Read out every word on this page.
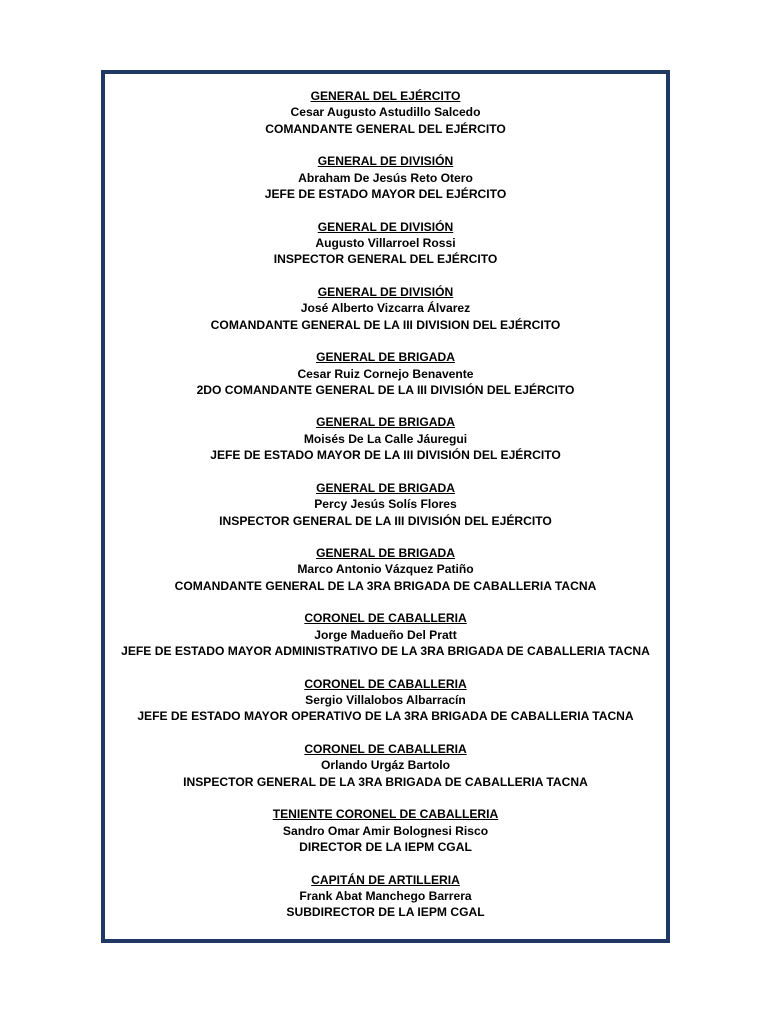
GENERAL DEL EJÉRCITO
Cesar Augusto Astudillo Salcedo
COMANDANTE GENERAL DEL EJÉRCITO
GENERAL DE DIVISIÓN
Abraham De Jesús Reto Otero
JEFE DE ESTADO MAYOR DEL EJÉRCITO
GENERAL DE DIVISIÓN
Augusto Villarroel Rossi
INSPECTOR GENERAL DEL EJÉRCITO
GENERAL DE DIVISIÓN
José Alberto Vizcarra Álvarez
COMANDANTE GENERAL DE LA III DIVISION DEL EJÉRCITO
GENERAL DE BRIGADA
Cesar Ruiz Cornejo Benavente
2DO COMANDANTE GENERAL DE LA III DIVISIÓN DEL EJÉRCITO
GENERAL DE BRIGADA
Moisés De La Calle Jáuregui
JEFE DE ESTADO MAYOR DE LA III DIVISIÓN DEL EJÉRCITO
GENERAL DE BRIGADA
Percy Jesús Solís Flores
INSPECTOR GENERAL DE LA III DIVISIÓN DEL EJÉRCITO
GENERAL DE BRIGADA
Marco Antonio Vázquez Patiño
COMANDANTE GENERAL DE LA 3RA BRIGADA DE CABALLERIA TACNA
CORONEL DE CABALLERIA
Jorge Madueño Del Pratt
JEFE DE ESTADO MAYOR ADMINISTRATIVO DE LA 3RA BRIGADA DE CABALLERIA TACNA
CORONEL DE CABALLERIA
Sergio Villalobos Albarracín
JEFE DE ESTADO MAYOR OPERATIVO DE LA 3RA BRIGADA DE CABALLERIA TACNA
CORONEL DE CABALLERIA
Orlando Urgáz Bartolo
INSPECTOR GENERAL DE LA 3RA BRIGADA DE CABALLERIA TACNA
TENIENTE CORONEL DE CABALLERIA
Sandro Omar Amir Bolognesi Risco
DIRECTOR DE LA IEPM CGAL
CAPITÁN DE ARTILLERIA
Frank Abat Manchego Barrera
SUBDIRECTOR DE LA IEPM CGAL
